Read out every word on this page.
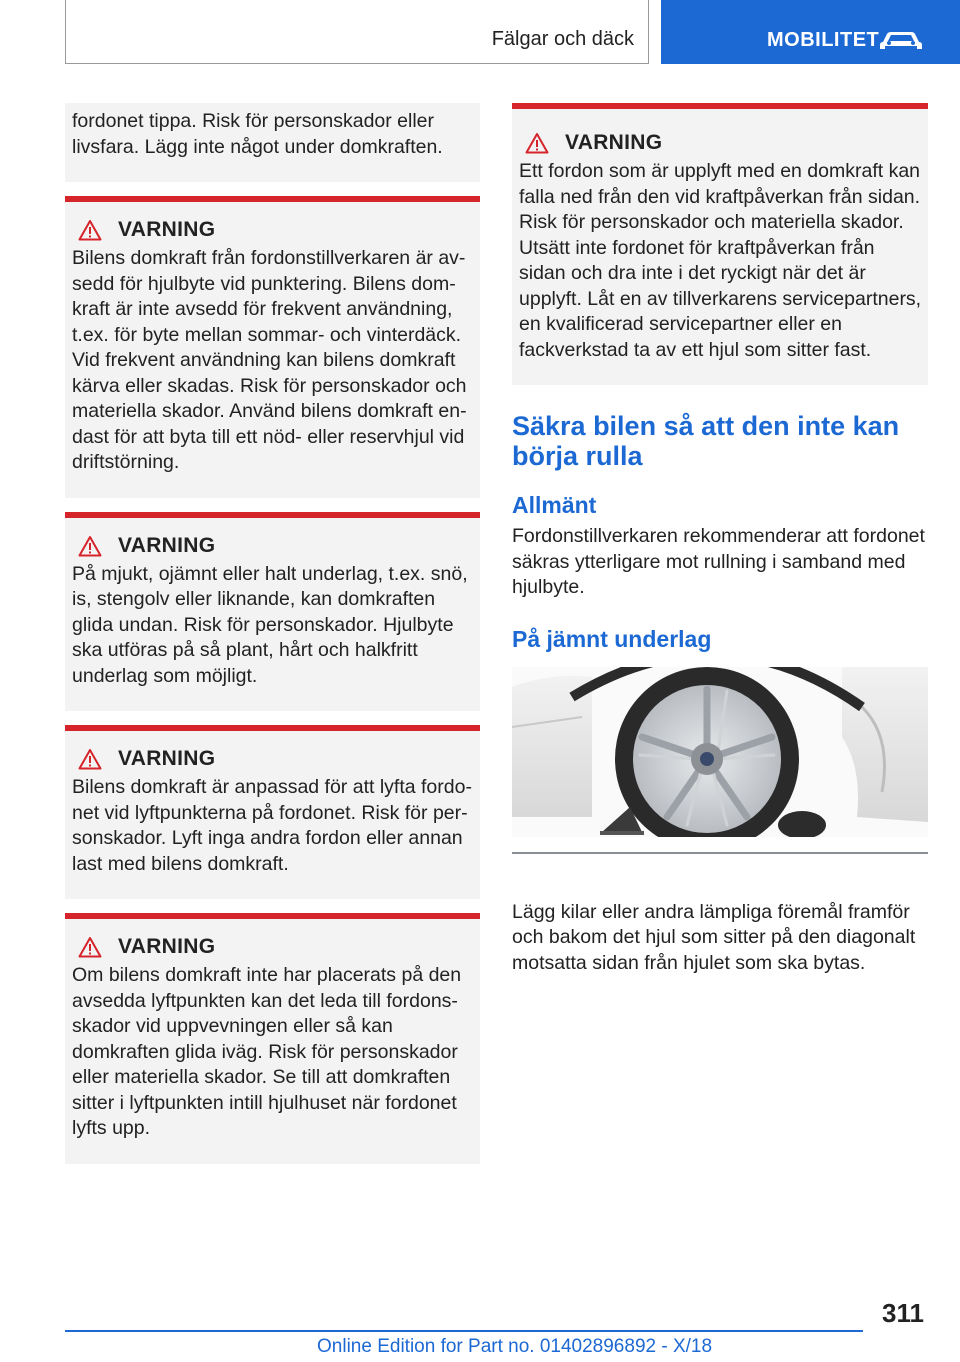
Fälgar och däck	MOBILITET
fordonet tippa. Risk för personskador eller livsfara. Lägg inte något under domkraften.
VARNING
Bilens domkraft från fordonstillverkaren är avsedd för hjulbyte vid punktering. Bilens domkraft är inte avsedd för frekvent användning, t.ex. för byte mellan sommar- och vinterdäck. Vid frekvent användning kan bilens domkraft kärva eller skadas. Risk för personskador och materiella skador. Använd bilens domkraft endast för att byta till ett nöd- eller reservhjul vid driftstörning.
VARNING
På mjukt, ojämnt eller halt underlag, t.ex. snö, is, stengolv eller liknande, kan domkraften glida undan. Risk för personskador. Hjulbyte ska utföras på så plant, hårt och halkfritt underlag som möjligt.
VARNING
Bilens domkraft är anpassad för att lyfta fordonet vid lyftpunkterna på fordonet. Risk för personskador. Lyft inga andra fordon eller annan last med bilens domkraft.
VARNING
Om bilens domkraft inte har placerats på den avsedda lyftpunkten kan det leda till fordonsskador vid uppvevningen eller så kan domkraften glida iväg. Risk för personskador eller materiella skador. Se till att domkraften sitter i lyftpunkten intill hjulhuset när fordonet lyfts upp.
VARNING
Ett fordon som är upplyft med en domkraft kan falla ned från den vid kraftpåverkan från sidan. Risk för personskador och materiella skador. Utsätt inte fordonet för kraftpåverkan från sidan och dra inte i det ryckigt när det är upplyft. Låt en av tillverkarens servicepartners, en kvalificerad servicepartner eller en fackverkstad ta av ett hjul som sitter fast.
Säkra bilen så att den inte kan börja rulla
Allmänt

Fordonstillverkaren rekommenderar att fordonet säkras ytterligare mot rullning i samband med hjulbyte.

På jämnt underlag

Lägg kilar eller andra lämpliga föremål framför och bakom det hjul som sitter på den diagonalt motsatta sidan från hjulet som ska bytas.

311
Online Edition for Part no. 01402896892 - X/18
